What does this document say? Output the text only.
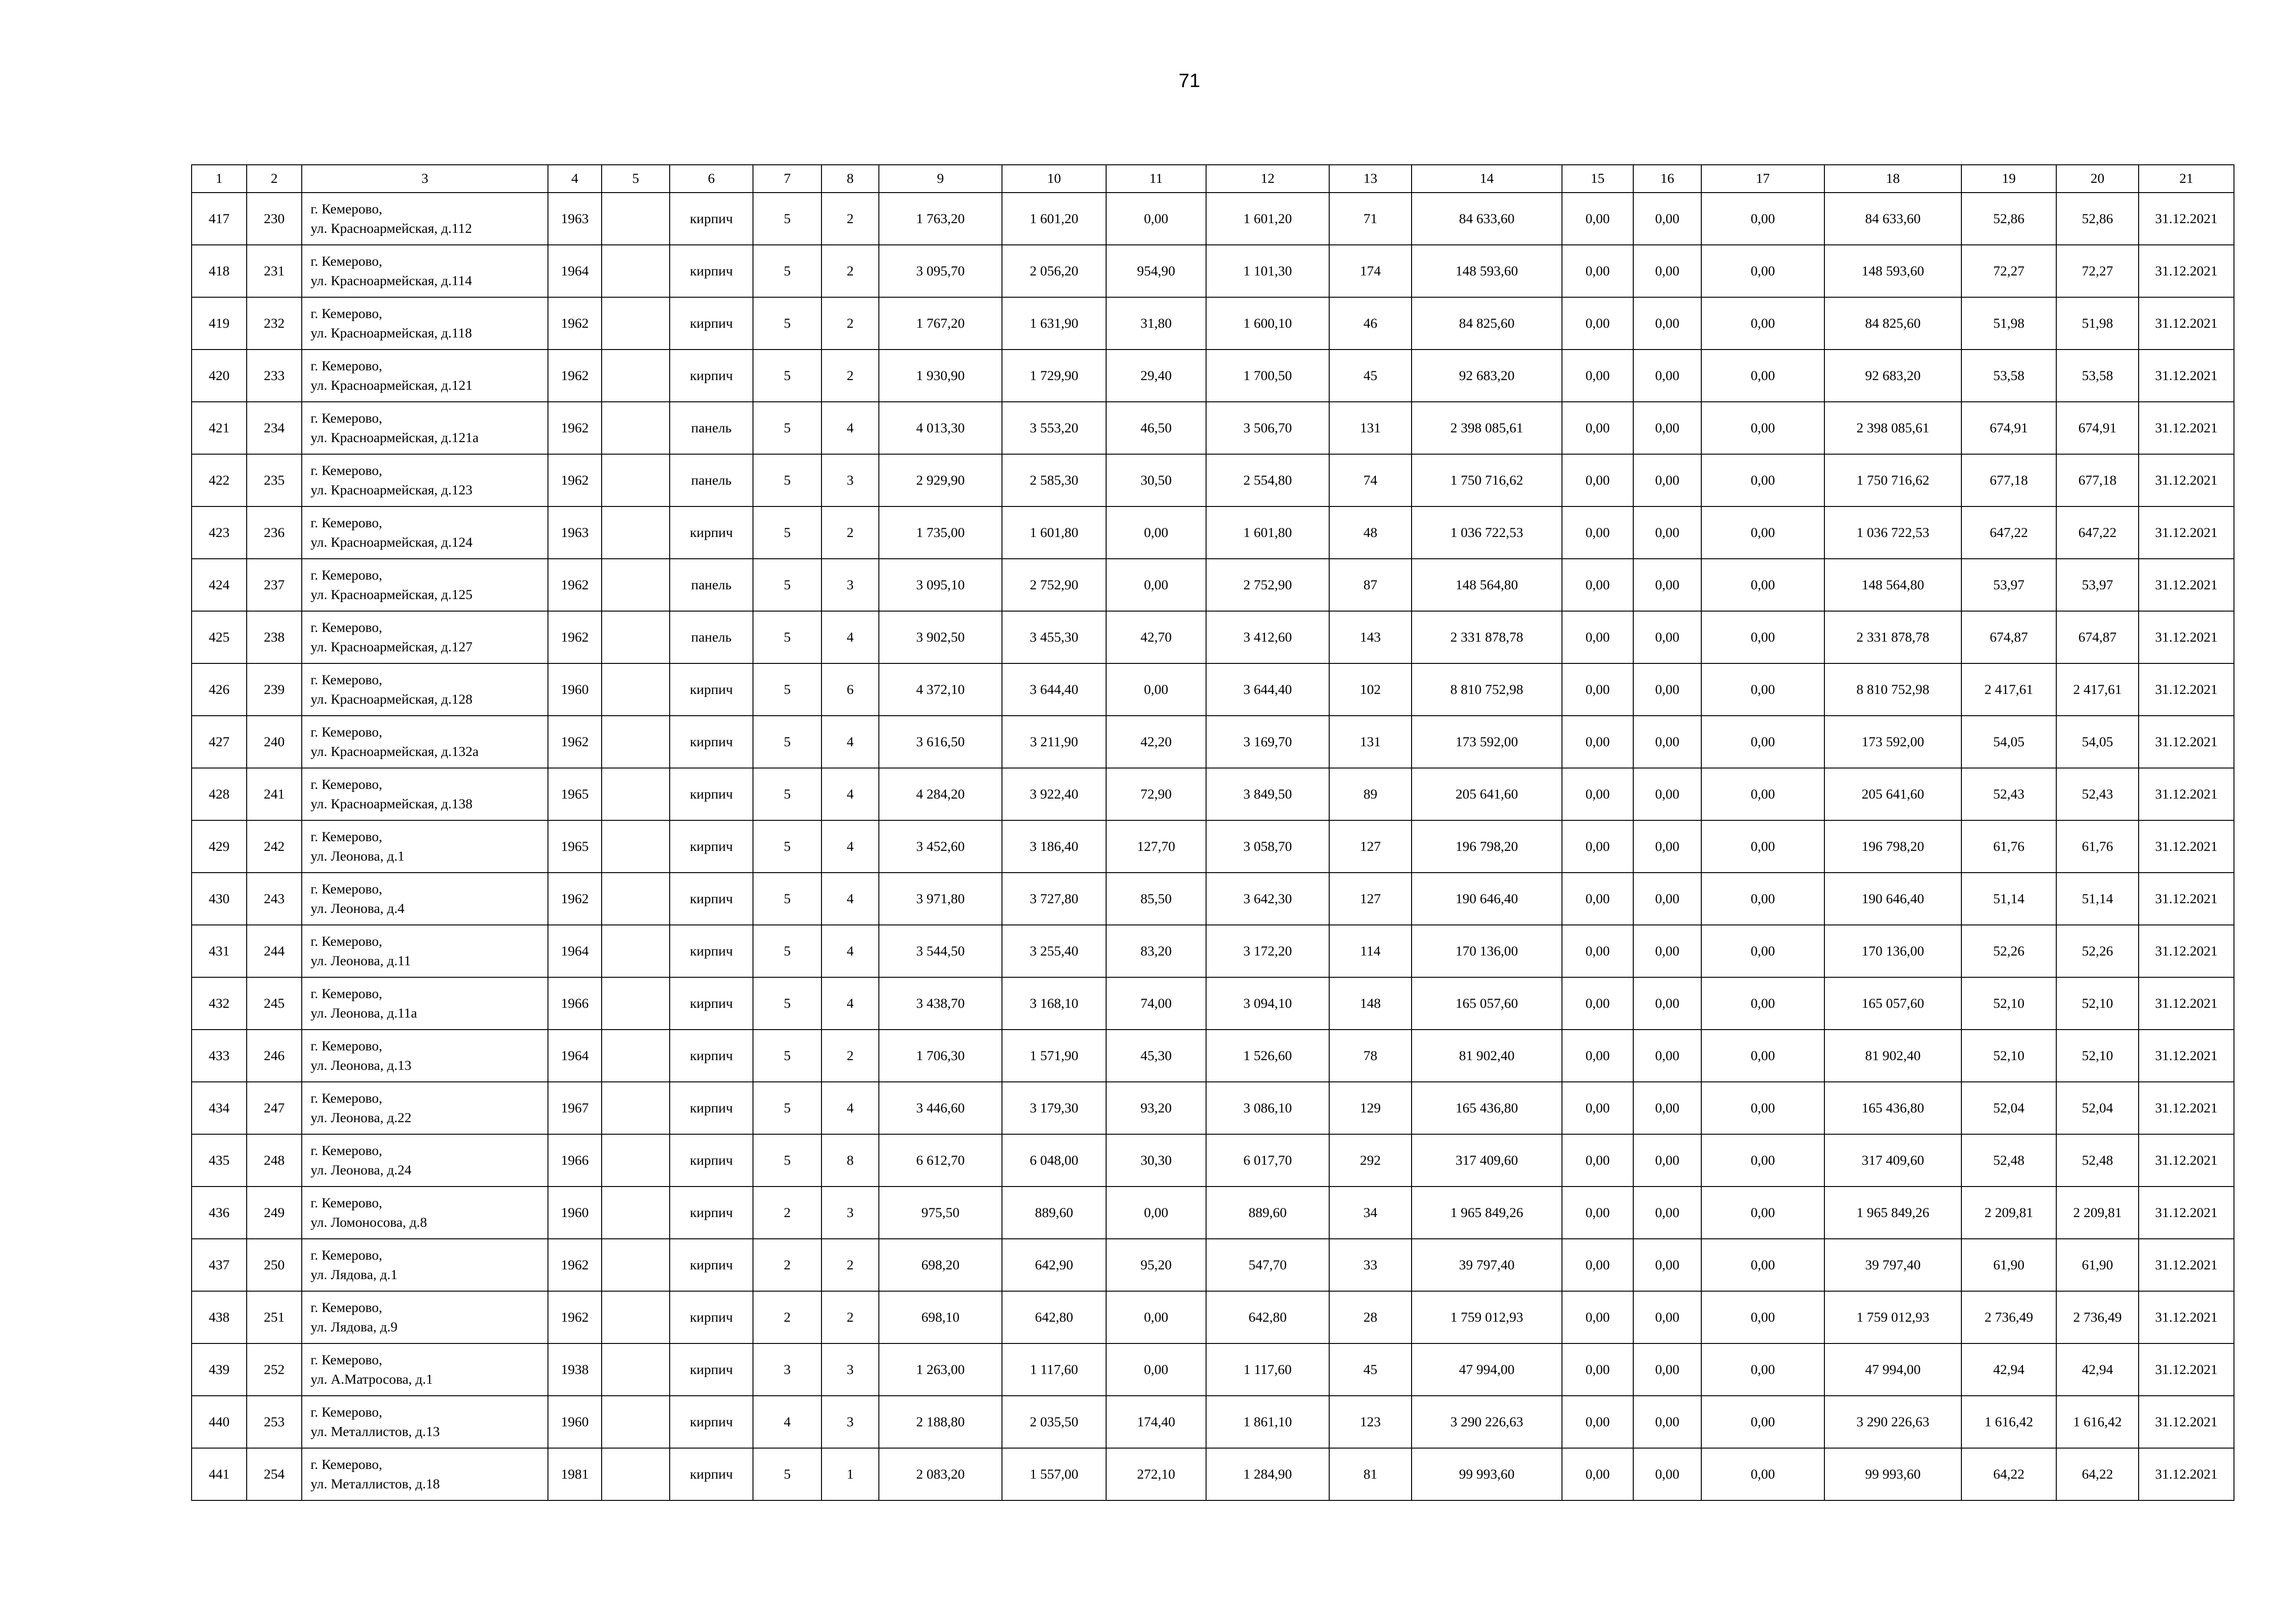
71
1	2	3	4	5	6	7	8	9	10	11	12	13	14	15	16	17	18	19	20	21
417	230	г. Кемерово,
ул. Красноармейская, д.112	1963		кирпич	5	2	1 763,20	1 601,20	0,00	1 601,20	71	84 633,60	0,00	0,00	0,00	84 633,60	52,86	52,86	31.12.2021
418	231	г. Кемерово,
ул. Красноармейская, д.114	1964		кирпич	5	2	3 095,70	2 056,20	954,90	1 101,30	174	148 593,60	0,00	0,00	0,00	148 593,60	72,27	72,27	31.12.2021
419	232	г. Кемерово,
ул. Красноармейская, д.118	1962		кирпич	5	2	1 767,20	1 631,90	31,80	1 600,10	46	84 825,60	0,00	0,00	0,00	84 825,60	51,98	51,98	31.12.2021
420	233	г. Кемерово,
ул. Красноармейская, д.121	1962		кирпич	5	2	1 930,90	1 729,90	29,40	1 700,50	45	92 683,20	0,00	0,00	0,00	92 683,20	53,58	53,58	31.12.2021
421	234	г. Кемерово,
ул. Красноармейская, д.121а	1962		панель	5	4	4 013,30	3 553,20	46,50	3 506,70	131	2 398 085,61	0,00	0,00	0,00	2 398 085,61	674,91	674,91	31.12.2021
422	235	г. Кемерово,
ул. Красноармейская, д.123	1962		панель	5	3	2 929,90	2 585,30	30,50	2 554,80	74	1 750 716,62	0,00	0,00	0,00	1 750 716,62	677,18	677,18	31.12.2021
423	236	г. Кемерово,
ул. Красноармейская, д.124	1963		кирпич	5	2	1 735,00	1 601,80	0,00	1 601,80	48	1 036 722,53	0,00	0,00	0,00	1 036 722,53	647,22	647,22	31.12.2021
424	237	г. Кемерово,
ул. Красноармейская, д.125	1962		панель	5	3	3 095,10	2 752,90	0,00	2 752,90	87	148 564,80	0,00	0,00	0,00	148 564,80	53,97	53,97	31.12.2021
425	238	г. Кемерово,
ул. Красноармейская, д.127	1962		панель	5	4	3 902,50	3 455,30	42,70	3 412,60	143	2 331 878,78	0,00	0,00	0,00	2 331 878,78	674,87	674,87	31.12.2021
426	239	г. Кемерово,
ул. Красноармейская, д.128	1960		кирпич	5	6	4 372,10	3 644,40	0,00	3 644,40	102	8 810 752,98	0,00	0,00	0,00	8 810 752,98	2 417,61	2 417,61	31.12.2021
427	240	г. Кемерово,
ул. Красноармейская, д.132а	1962		кирпич	5	4	3 616,50	3 211,90	42,20	3 169,70	131	173 592,00	0,00	0,00	0,00	173 592,00	54,05	54,05	31.12.2021
428	241	г. Кемерово,
ул. Красноармейская, д.138	1965		кирпич	5	4	4 284,20	3 922,40	72,90	3 849,50	89	205 641,60	0,00	0,00	0,00	205 641,60	52,43	52,43	31.12.2021
429	242	г. Кемерово,
ул. Леонова, д.1	1965		кирпич	5	4	3 452,60	3 186,40	127,70	3 058,70	127	196 798,20	0,00	0,00	0,00	196 798,20	61,76	61,76	31.12.2021
430	243	г. Кемерово,
ул. Леонова, д.4	1962		кирпич	5	4	3 971,80	3 727,80	85,50	3 642,30	127	190 646,40	0,00	0,00	0,00	190 646,40	51,14	51,14	31.12.2021
431	244	г. Кемерово,
ул. Леонова, д.11	1964		кирпич	5	4	3 544,50	3 255,40	83,20	3 172,20	114	170 136,00	0,00	0,00	0,00	170 136,00	52,26	52,26	31.12.2021
432	245	г. Кемерово,
ул. Леонова, д.11а	1966		кирпич	5	4	3 438,70	3 168,10	74,00	3 094,10	148	165 057,60	0,00	0,00	0,00	165 057,60	52,10	52,10	31.12.2021
433	246	г. Кемерово,
ул. Леонова, д.13	1964		кирпич	5	2	1 706,30	1 571,90	45,30	1 526,60	78	81 902,40	0,00	0,00	0,00	81 902,40	52,10	52,10	31.12.2021
434	247	г. Кемерово,
ул. Леонова, д.22	1967		кирпич	5	4	3 446,60	3 179,30	93,20	3 086,10	129	165 436,80	0,00	0,00	0,00	165 436,80	52,04	52,04	31.12.2021
435	248	г. Кемерово,
ул. Леонова, д.24	1966		кирпич	5	8	6 612,70	6 048,00	30,30	6 017,70	292	317 409,60	0,00	0,00	0,00	317 409,60	52,48	52,48	31.12.2021
436	249	г. Кемерово,
ул. Ломоносова, д.8	1960		кирпич	2	3	975,50	889,60	0,00	889,60	34	1 965 849,26	0,00	0,00	0,00	1 965 849,26	2 209,81	2 209,81	31.12.2021
437	250	г. Кемерово,
ул. Лядова, д.1	1962		кирпич	2	2	698,20	642,90	95,20	547,70	33	39 797,40	0,00	0,00	0,00	39 797,40	61,90	61,90	31.12.2021
438	251	г. Кемерово,
ул. Лядова, д.9	1962		кирпич	2	2	698,10	642,80	0,00	642,80	28	1 759 012,93	0,00	0,00	0,00	1 759 012,93	2 736,49	2 736,49	31.12.2021
439	252	г. Кемерово,
ул. А.Матросова, д.1	1938		кирпич	3	3	1 263,00	1 117,60	0,00	1 117,60	45	47 994,00	0,00	0,00	0,00	47 994,00	42,94	42,94	31.12.2021
440	253	г. Кемерово,
ул. Металлистов, д.13	1960		кирпич	4	3	2 188,80	2 035,50	174,40	1 861,10	123	3 290 226,63	0,00	0,00	0,00	3 290 226,63	1 616,42	1 616,42	31.12.2021
441	254	г. Кемерово,
ул. Металлистов, д.18	1981		кирпич	5	1	2 083,20	1 557,00	272,10	1 284,90	81	99 993,60	0,00	0,00	0,00	99 993,60	64,22	64,22	31.12.2021
